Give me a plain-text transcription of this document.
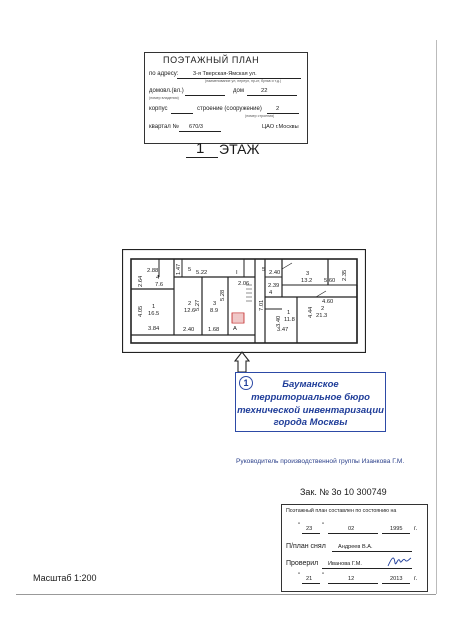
ПОЭТАЖНЫЙ ПЛАН
по адресу:	3-я Тверская-Ямская ул.
(наименование ул, переул, пр-кт, бульв и т.д.)
домовл.(вл.)
(номер владения)
дом	22
корпус	строение (сооружение) 2
(номер строения)
квартал № 670/3	ЦАО г.Москвы
1 ЭТАЖ
2.88	1.47 5 5.22	I	5 2.40
2.64 4
7.6
2.35
3
13.2 5.60
2.06	2.39
4
4.60
4.05 1
16.5
2 5.27
12.6
3
5.28
8.9	7.01
4.44 2
21.3
3.40
1
11.8
3.84	2.40 1.68 A	3.47
1	Бауманское
территориальное бюро
технической инвентаризации
города Москвы
Руководитель производственной группы Изанкова Г.М.
Зак. № 3о 10 300749
Поэтажный план составлен по состоянию на
" 23 "	02	1995 г.
П/план снял Андреев В.А.
Проверил Иванова Г.М.
" 21 "	12	2013 г.
Масштаб 1:200
